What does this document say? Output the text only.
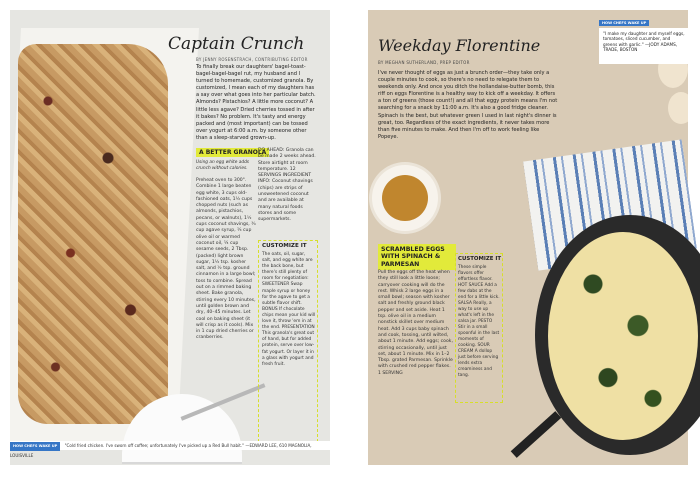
Captain Crunch
BY JENNY ROSENSTRACH, CONTRIBUTING EDITOR

To finally break our daughters' bagel-toast-bagel-bagel-bagel rut, my husband and I turned to homemade, customized granola. By customized, I mean each of my daughters has a say over what goes into her particular batch. Almonds? Pistachios? A little more coconut? A little less agave? Dried cherries tossed in after it bakes? No problem. It's tasty and energy packed and (most important) can be tossed over yogurt at 6:00 a.m. by someone other than a sleep-starved grown-up.

A BETTER GRANOLA

Using an egg white adds crunch without calories.

Preheat oven to 300°. Combine 1 large beaten egg white, 3 cups old-fashioned oats, 1½ cups chopped nuts (such as almonds, pistachios, pecans, or walnuts), 1½ cups coconut shavings, ¾ cup agave syrup, ¼ cup olive oil or warmed coconut oil, ¼ cup sesame seeds, 2 Tbsp. (packed) light brown sugar, 1½ tsp. kosher salt, and ½ tsp. ground cinnamon in a large bowl; toss to combine. Spread out on a rimmed baking sheet. Bake granola, stirring every 10 minutes, until golden brown and dry, 40–45 minutes. Let cool on baking sheet (it will crisp as it cools). Mix in 1 cup dried cherries or cranberries.

DO AHEAD: Granola can be made 2 weeks ahead. Store airtight at room temperature. 12 SERVINGS INGREDIENT INFO: Coconut shavings (chips) are strips of unsweetened coconut and are available at many natural foods stores and some supermarkets.

CUSTOMIZE IT

The oats, oil, sugar, salt, and egg white are the back bone, but there's still plenty of room for negotiation: SWEETENER Swap maple syrup or honey for the agave to get a subtle flavor shift. BONUS If chocolate chips mean your kid will love it, throw 'em in at the end. PRESENTATION This granola's great out of hand, but for added protein, serve over low-fat yogurt. Or layer it in a glass with yogurt and fresh fruit.

HOW CHEFS WAKE UP "Cold fried chicken. I've sworn off coffee; unfortunately I've picked up a Red Bull habit." —EDWARD LEE, 610 MAGNOLIA, LOUISVILLE
HOW CHEFS WAKE UP

"I make my daughter and myself eggs, tomatoes, sliced cucumber, and greens with garlic." —JODY ADAMS, TRADE, BOSTON

Weekday Florentine
BY MEGHAN SUTHERLAND, PREP EDITOR

I've never thought of eggs as just a brunch order—they take only a couple minutes to cook, so there's no need to relegate them to weekends only. And once you ditch the hollandaise-butter bomb, this riff on eggs Florentine is a healthy way to kick off a weekday. It offers a ton of greens (those count!) and all that eggy protein means I'm not searching for a snack by 11:00 a.m. It's also a good fridge cleaner. Spinach is the best, but whatever green I used in last night's dinner is great, too. Regardless of the exact ingredients, it never takes more than five minutes to make. And then I'm off to work feeling like Popeye.

SCRAMBLED EGGS WITH SPINACH & PARMESAN

Pull the eggs off the heat when they still look a little loose; carryover cooking will do the rest. Whisk 2 large eggs in a small bowl; season with kosher salt and freshly ground black pepper and set aside. Heat 1 tsp. olive oil in a medium nonstick skillet over medium heat. Add 3 cups baby spinach and cook, tossing, until wilted, about 1 minute. Add eggs; cook, stirring occasionally, until just set, about 1 minute. Mix in 1–2 Tbsp. grated Parmesan. Sprinkle with crushed red pepper flakes. 1 SERVING

CUSTOMIZE IT

These simple flavors offer effortless flavor. HOT SAUCE Add a few dabs at the end for a little kick. SALSA Really, a way to use up what's left in the salsa jar. PESTO Stir in a small spoonful in the last moments of cooking. SOUR CREAM A dollop just before serving lends extra creaminess and tang.
